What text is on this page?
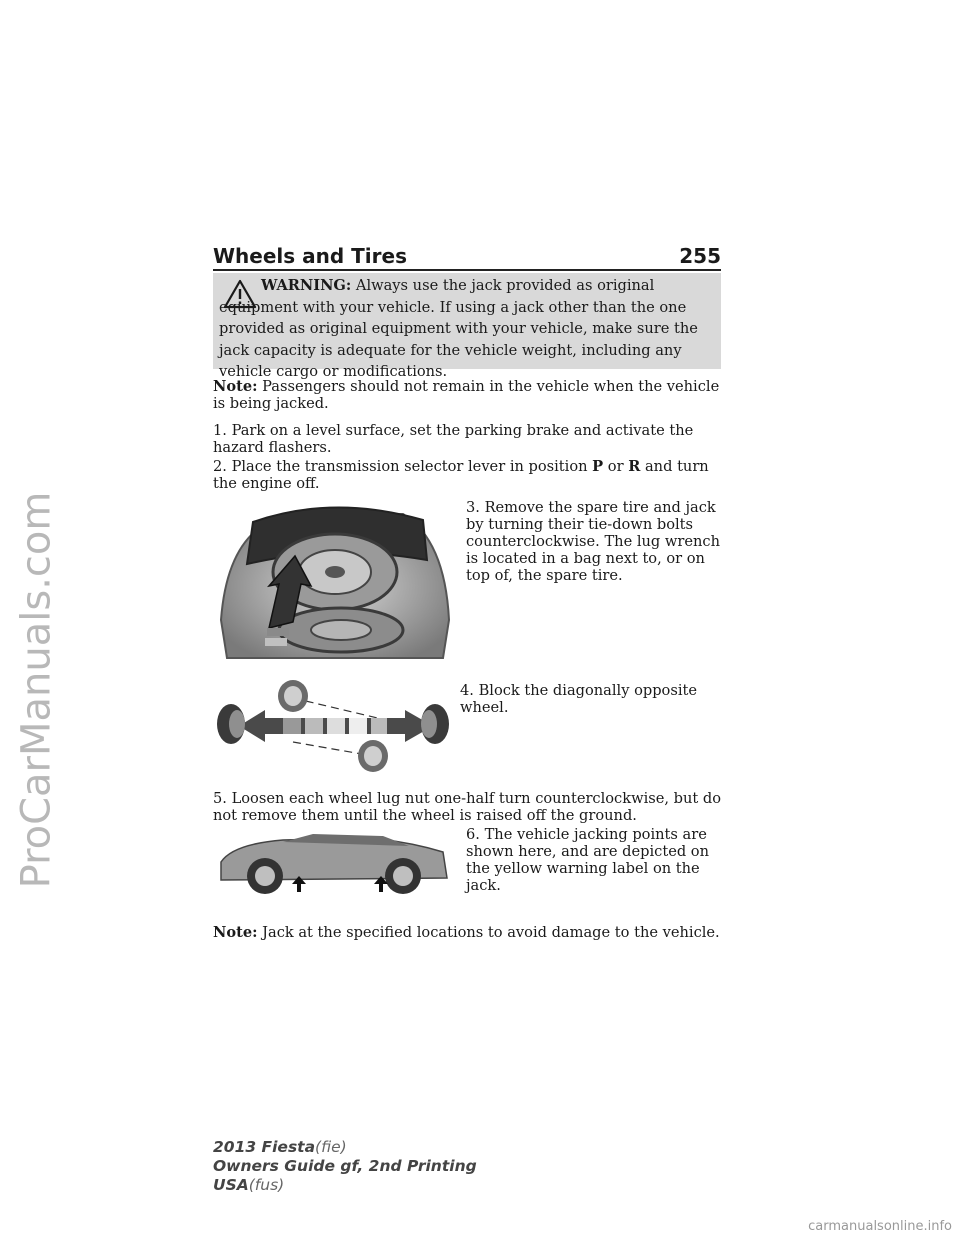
ProCarManuals.com
Wheels and Tires	255
WARNING: Always use the jack provided as original equipment with your vehicle. If using a jack other than the one provided as original equipment with your vehicle, make sure the jack capacity is adequate for the vehicle weight, including any vehicle cargo or modifications.

Note: Passengers should not remain in the vehicle when the vehicle is being jacked.

1. Park on a level surface, set the parking brake and activate the hazard flashers.

2. Place the transmission selector lever in position P or R and turn the engine off.

3. Remove the spare tire and jack by turning their tie-down bolts counterclockwise. The lug wrench is located in a bag next to, or on top of, the spare tire.

4. Block the diagonally opposite wheel.

5. Loosen each wheel lug nut one-half turn counterclockwise, but do not remove them until the wheel is raised off the ground.

6. The vehicle jacking points are shown here, and are depicted on the yellow warning label on the jack.

Note: Jack at the specified locations to avoid damage to the vehicle.

2013 Fiesta(fie)
Owners Guide gf, 2nd Printing
USA(fus)
carmanualsonline.info
